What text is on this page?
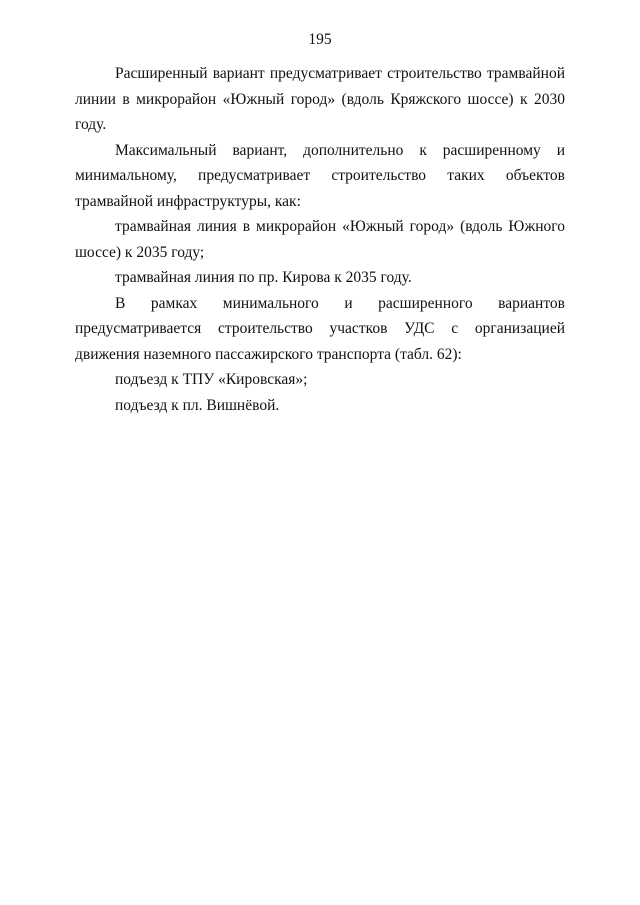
195

Расширенный вариант предусматривает строительство трамвайной линии в микрорайон «Южный город» (вдоль Кряжского шоссе) к 2030 году.

Максимальный вариант, дополнительно к расширенному и минимальному, предусматривает строительство таких объектов трамвайной инфраструктуры, как:

трамвайная линия в микрорайон «Южный город» (вдоль Южного шоссе) к 2035 году;

трамвайная линия по пр. Кирова к 2035 году.

В рамках минимального и расширенного вариантов предусматривается строительство участков УДС с организацией движения наземного пассажирского транспорта (табл. 62):

подъезд к ТПУ «Кировская»;

подъезд к пл. Вишнёвой.
